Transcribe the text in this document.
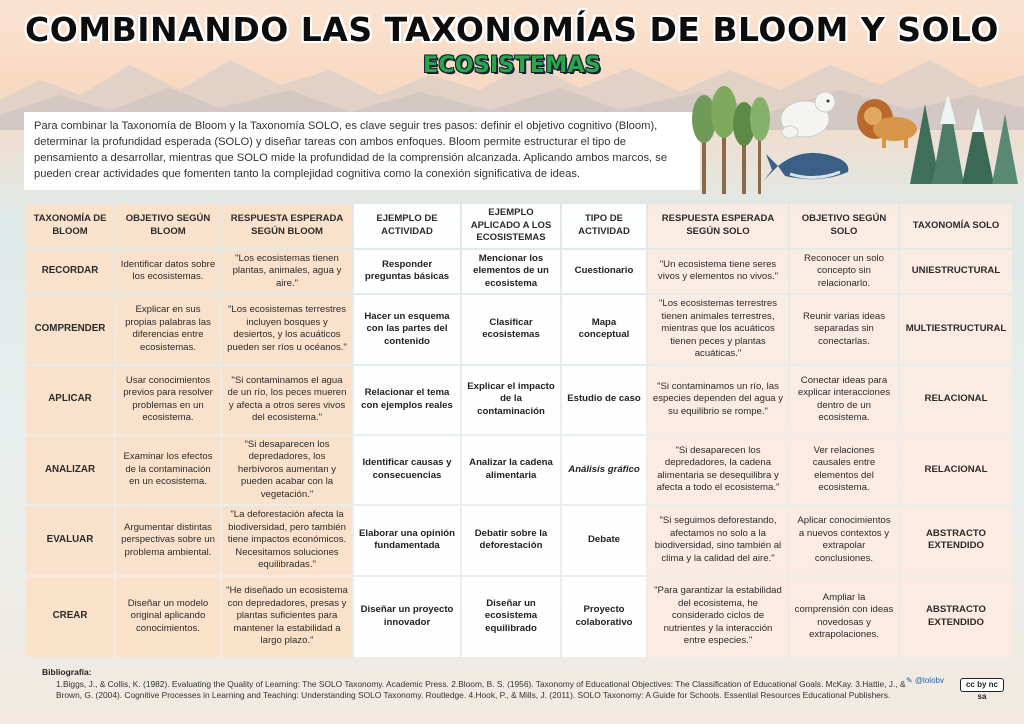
COMBINANDO LAS TAXONOMÍAS DE BLOOM Y SOLO
ECOSISTEMAS
Para combinar la Taxonomía de Bloom y la Taxonomía SOLO, es clave seguir tres pasos: definir el objetivo cognitivo (Bloom), determinar la profundidad esperada (SOLO) y diseñar tareas con ambos enfoques. Bloom permite estructurar el tipo de pensamiento a desarrollar, mientras que SOLO mide la profundidad de la comprensión alcanzada. Aplicando ambos marcos, se pueden crear actividades que fomenten tanto la complejidad cognitiva como la conexión significativa de ideas.
TAXONOMÍA DE BLOOM	OBJETIVO SEGÚN BLOOM	RESPUESTA ESPERADA SEGÚN BLOOM	EJEMPLO DE ACTIVIDAD	EJEMPLO APLICADO A LOS ECOSISTEMAS	TIPO DE ACTIVIDAD	RESPUESTA ESPERADA SEGÚN SOLO	OBJETIVO SEGÚN SOLO	TAXONOMÍA SOLO
RECORDAR	Identificar datos sobre los ecosistemas.	"Los ecosistemas tienen plantas, animales, agua y aire."	Responder preguntas básicas	Mencionar los elementos de un ecosistema	Cuestionario	"Un ecosistema tiene seres vivos y elementos no vivos."	Reconocer un solo concepto sin relacionarlo.	UNIESTRUCTURAL
COMPRENDER	Explicar en sus propias palabras las diferencias entre ecosistemas.	"Los ecosistemas terrestres incluyen bosques y desiertos, y los acuáticos pueden ser ríos u océanos."	Hacer un esquema con las partes del contenido	Clasificar ecosistemas	Mapa conceptual	"Los ecosistemas terrestres tienen animales terrestres, mientras que los acuáticos tienen peces y plantas acuáticas."	Reunir varias ideas separadas sin conectarlas.	MULTIESTRUCTURAL
APLICAR	Usar conocimientos previos para resolver problemas en un ecosistema.	"Si contaminamos el agua de un río, los peces mueren y afecta a otros seres vivos del ecosistema."	Relacionar el tema con ejemplos reales	Explicar el impacto de la contaminación	Estudio de caso	"Si contaminamos un río, las especies dependen del agua y su equilibrio se rompe."	Conectar ideas para explicar interacciones dentro de un ecosistema.	RELACIONAL
ANALIZAR	Examinar los efectos de la contaminación en un ecosistema.	"Si desaparecen los depredadores, los herbívoros aumentan y pueden acabar con la vegetación."	Identificar causas y consecuencias	Analizar la cadena alimentaria	Análisis gráfico	"Si desaparecen los depredadores, la cadena alimentaria se desequilibra y afecta a todo el ecosistema."	Ver relaciones causales entre elementos del ecosistema.	RELACIONAL
EVALUAR	Argumentar distintas perspectivas sobre un problema ambiental.	"La deforestación afecta la biodiversidad, pero también tiene impactos económicos. Necesitamos soluciones equilibradas."	Elaborar una opinión fundamentada	Debatir sobre la deforestación	Debate	"Si seguimos deforestando, afectamos no solo a la biodiversidad, sino también al clima y la calidad del aire."	Aplicar conocimientos a nuevos contextos y extrapolar conclusiones.	ABSTRACTO EXTENDIDO
CREAR	Diseñar un modelo original aplicando conocimientos.	"He diseñado un ecosistema con depredadores, presas y plantas suficientes para mantener la estabilidad a largo plazo."	Diseñar un proyecto innovador	Diseñar un ecosistema equilibrado	Proyecto colaborativo	"Para garantizar la estabilidad del ecosistema, he considerado ciclos de nutrientes y la interacción entre especies."	Ampliar la comprensión con ideas novedosas y extrapolaciones.	ABSTRACTO EXTENDIDO
Bibliografía:
1.Biggs, J., & Collis, K. (1982). Evaluating the Quality of Learning: The SOLO Taxonomy. Academic Press. 2.Bloom, B. S. (1956). Taxonomy of Educational Objectives: The Classification of Educational Goals. McKay. 3.Hattie, J., & Brown, G. (2004). Cognitive Processes in Learning and Teaching: Understanding SOLO Taxonomy. Routledge. 4.Hook, P., & Mills, J. (2011). SOLO Taxonomy: A Guide for Schools. Essential Resources Educational Publishers.
✎ @lolobv	cc by nc sa
